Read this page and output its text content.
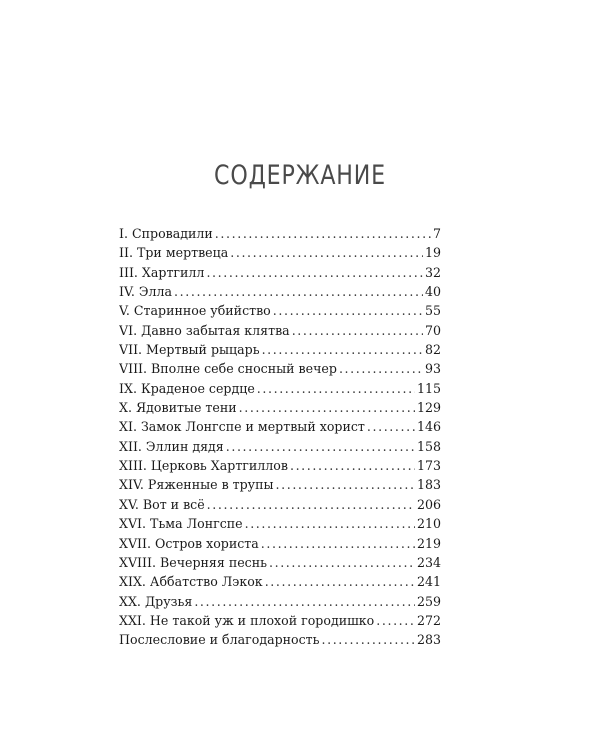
СОДЕРЖАНИЕ
I. Спровадили .....	7
II. Три мертвеца .....	19
III. Хартгилл .....	32
IV. Элла .....	40
V. Старинное убийство .....	55
VI. Давно забытая клятва .....	70
VII. Мертвый рыцарь .....	82
VIII. Вполне себе сносный вечер .....	93
IX. Краденое сердце .....	115
X. Ядовитые тени .....	129
XI. Замок Лонгспе и мертвый хорист .....	146
XII. Эллин дядя .....	158
XIII. Церковь Хартгиллов .....	173
XIV. Ряженные в трупы .....	183
XV. Вот и всё .....	206
XVI. Тьма Лонгспе .....	210
XVII. Остров хориста .....	219
XVIII. Вечерняя песнь .....	234
XIX. Аббатство Лэкок .....	241
XX. Друзья .....	259
XXI. Не такой уж и плохой городишко .....	272
Послесловие и благодарность .....	283
